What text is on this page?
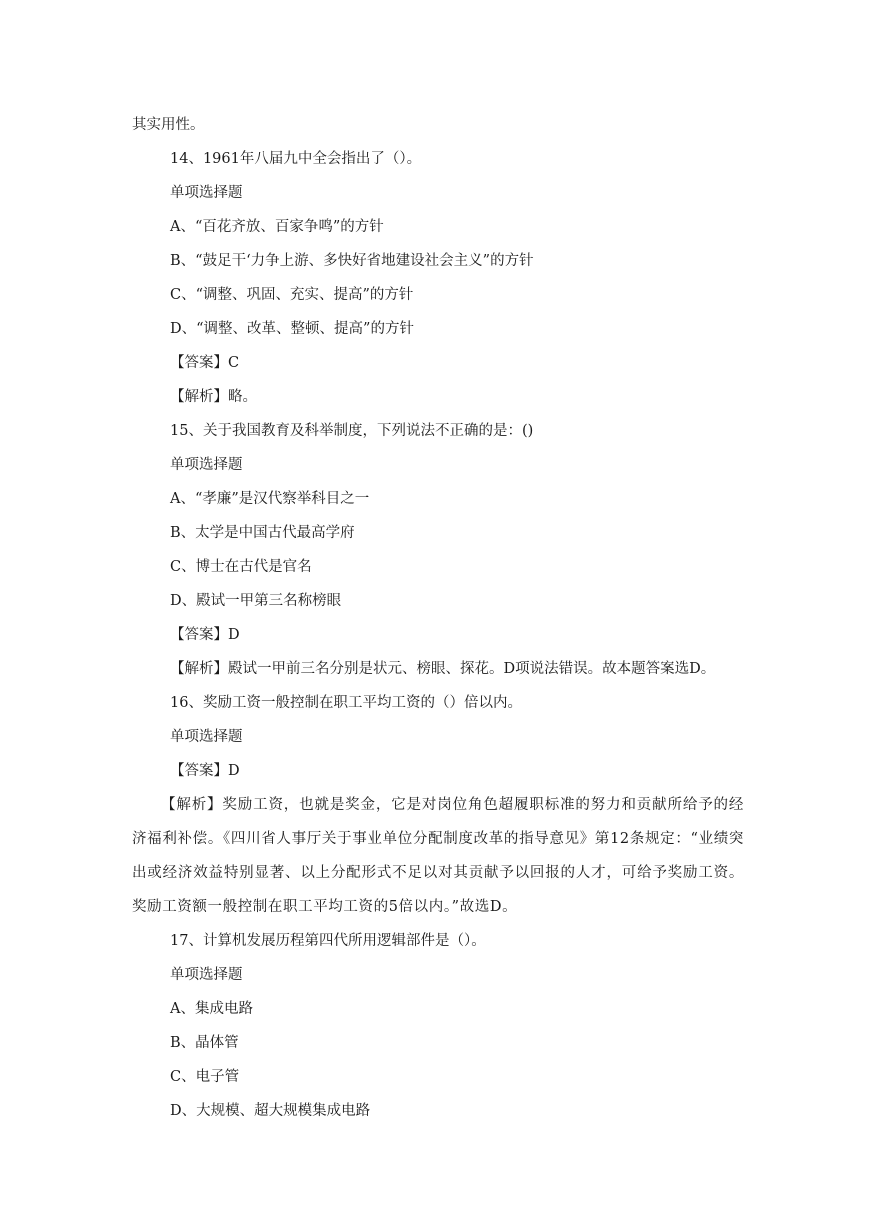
其实用性。
14、1961年八届九中全会指出了（）。
单项选择题
A、“百花齐放、百家争鸣”的方针
B、“鼓足干‘力争上游、多快好省地建设社会主义”的方针
C、“调整、巩固、充实、提高”的方针
D、“调整、改革、整顿、提高”的方针
【答案】C
【解析】略。
15、关于我国教育及科举制度，下列说法不正确的是：()
单项选择题
A、“孝廉”是汉代察举科目之一
B、太学是中国古代最高学府
C、博士在古代是官名
D、殿试一甲第三名称榜眼
【答案】D
【解析】殿试一甲前三名分别是状元、榜眼、探花。D项说法错误。故本题答案选D。
16、奖励工资一般控制在职工平均工资的（）倍以内。
单项选择题
【答案】D
【解析】奖励工资，也就是奖金，它是对岗位角色超履职标准的努力和贡献所给予的经济福利补偿。《四川省人事厅关于事业单位分配制度改革的指导意见》第12条规定：“业绩突出或经济效益特别显著、以上分配形式不足以对其贡献予以回报的人才，可给予奖励工资。奖励工资额一般控制在职工平均工资的5倍以内。”故选D。
17、计算机发展历程第四代所用逻辑部件是（）。
单项选择题
A、集成电路
B、晶体管
C、电子管
D、大规模、超大规模集成电路
